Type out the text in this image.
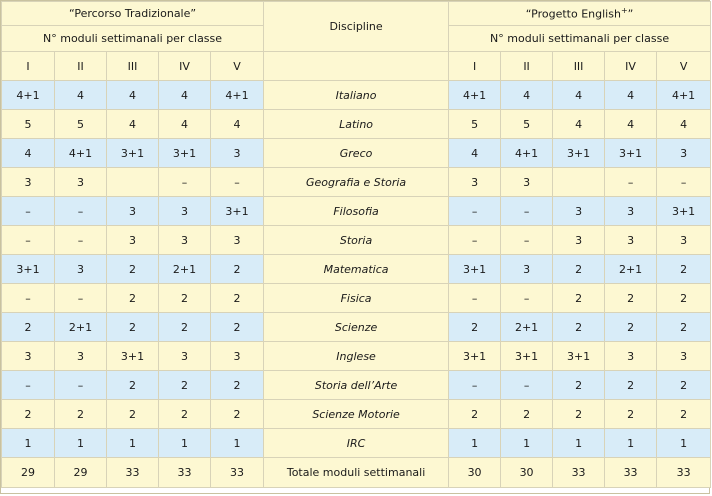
“Percorso Tradizionale”					Discipline	“Progetto English+”				
N° moduli settimanali per classe						N° moduli settimanali per classe				
I	II	III	IV	V		I	II	III	IV	V
4+1	4	4	4	4+1	Italiano	4+1	4	4	4	4+1
5	5	4	4	4	Latino	5	5	4	4	4
4	4+1	3+1	3+1	3	Greco	4	4+1	3+1	3+1	3
3	3		–	–	Geografia e Storia	3	3		–	–
–	–	3	3	3+1	Filosofia	–	–	3	3	3+1
–	–	3	3	3	Storia	–	–	3	3	3
3+1	3	2	2+1	2	Matematica	3+1	3	2	2+1	2
–	–	2	2	2	Fisica	–	–	2	2	2
2	2+1	2	2	2	Scienze	2	2+1	2	2	2
3	3	3+1	3	3	Inglese	3+1	3+1	3+1	3	3
–	–	2	2	2	Storia dell’Arte	–	–	2	2	2
2	2	2	2	2	Scienze Motorie	2	2	2	2	2
1	1	1	1	1	IRC	1	1	1	1	1
29	29	33	33	33	Totale moduli settimanali	30	30	33	33	33
